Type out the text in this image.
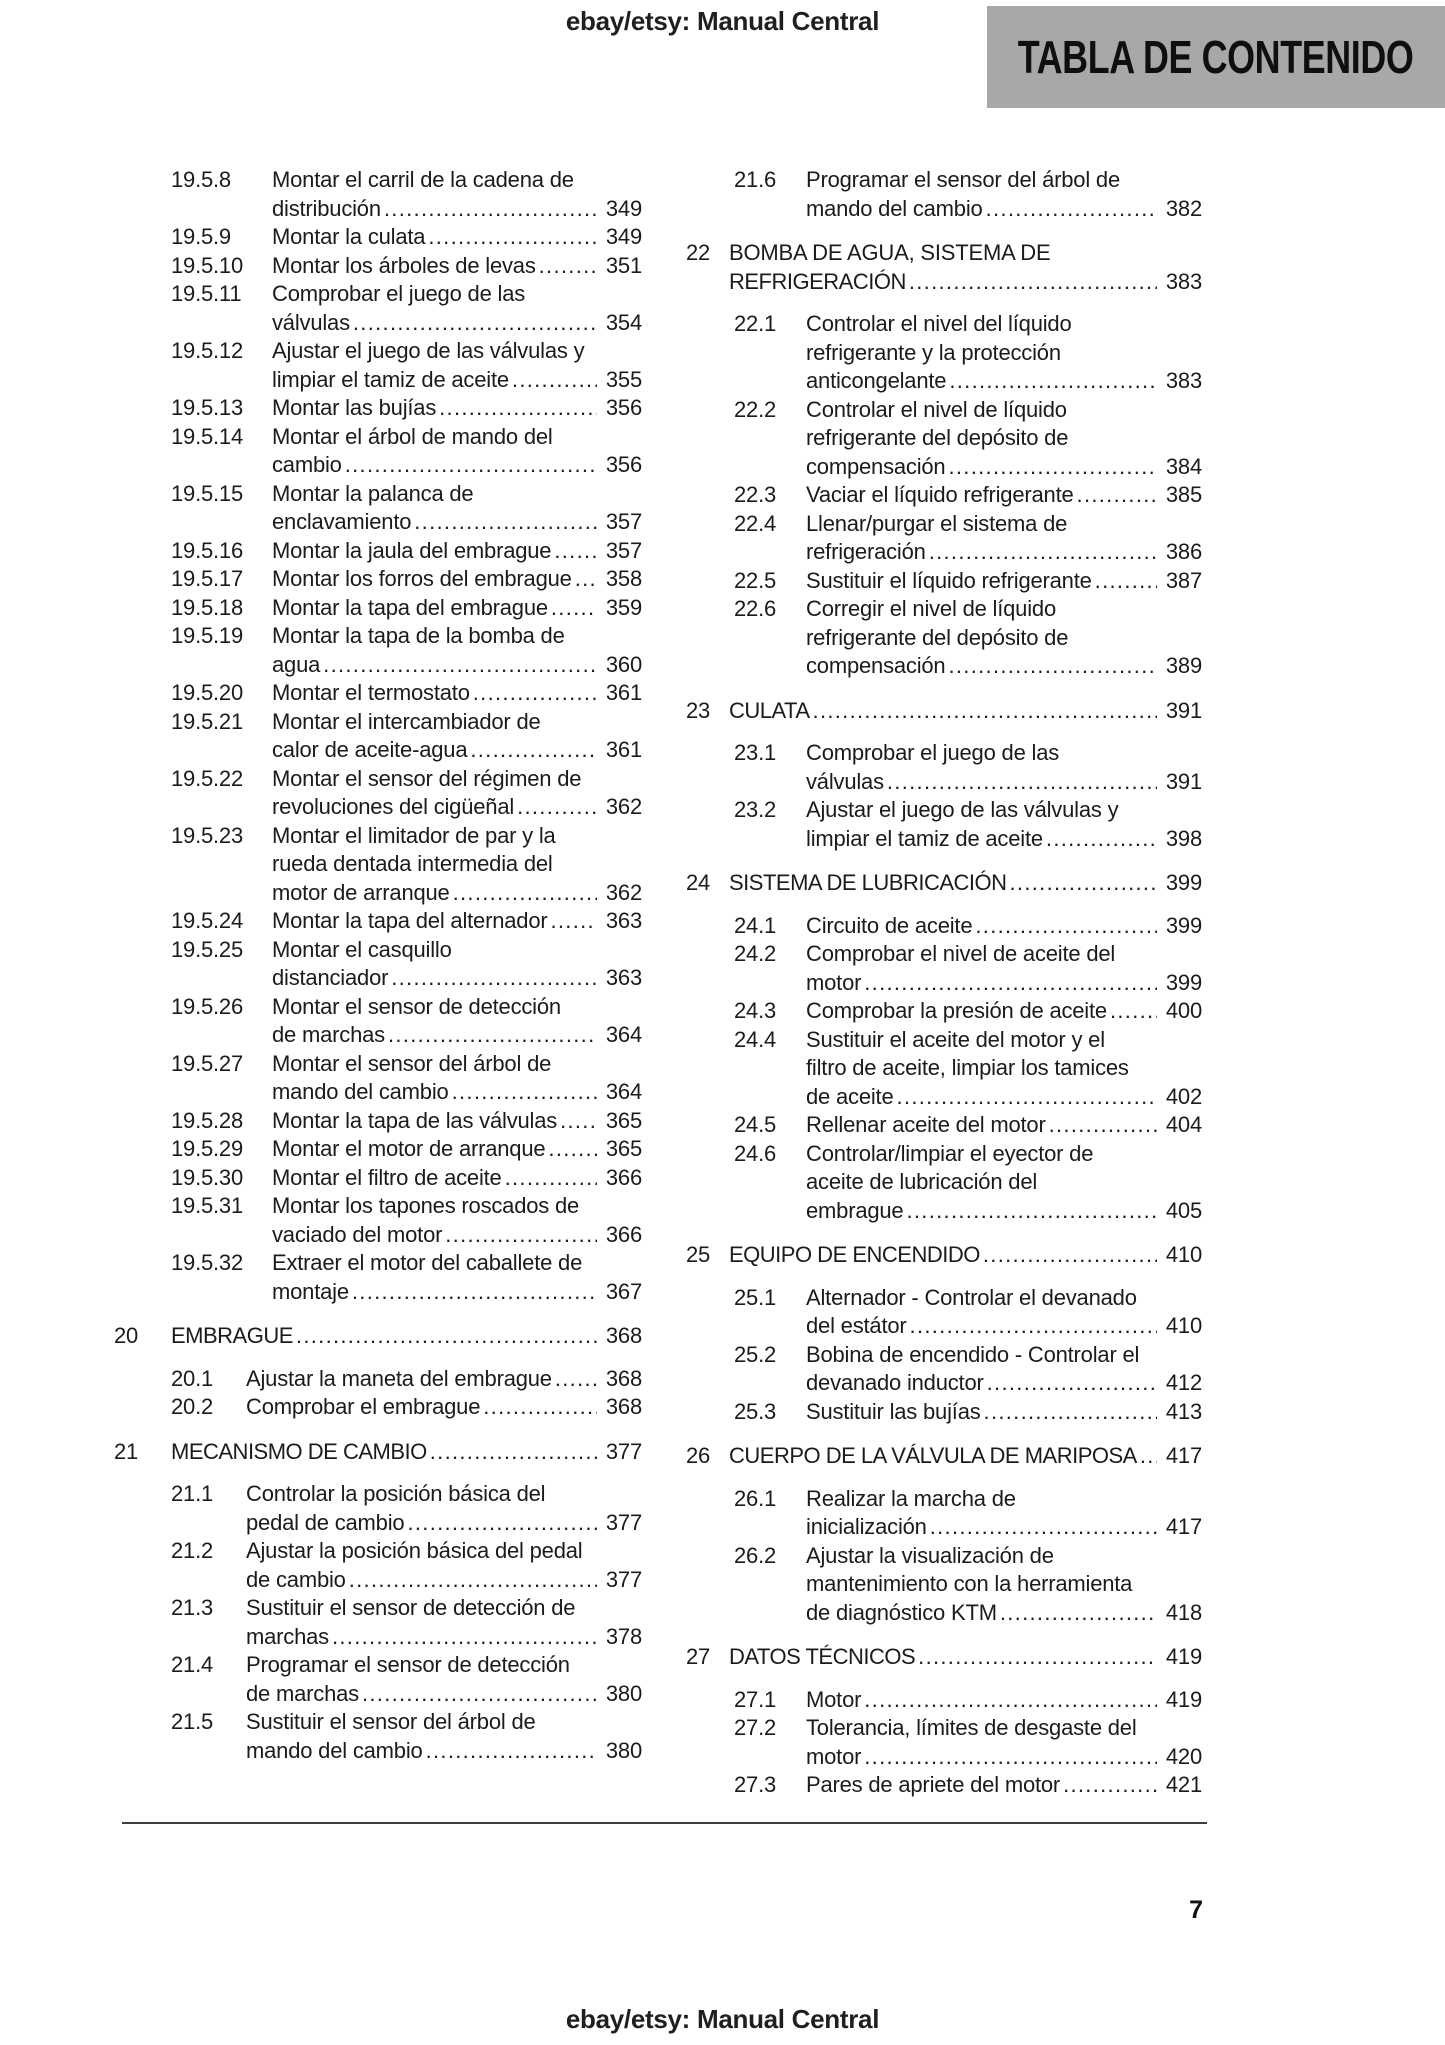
ebay/etsy: Manual Central
TABLA DE CONTENIDO
19.5.8	Montar el carril de la cadena de
distribución .....	349
19.5.9	Montar la culata .....	349
19.5.10	Montar los árboles de levas .....	351
19.5.11	Comprobar el juego de las
válvulas .....	354
19.5.12	Ajustar el juego de las válvulas y
limpiar el tamiz de aceite .....	355
19.5.13	Montar las bujías .....	356
19.5.14	Montar el árbol de mando del
cambio .....	356
19.5.15	Montar la palanca de
enclavamiento .....	357
19.5.16	Montar la jaula del embrague .....	357
19.5.17	Montar los forros del embrague .....	358
19.5.18	Montar la tapa del embrague .....	359
19.5.19	Montar la tapa de la bomba de
agua .....	360
19.5.20	Montar el termostato .....	361
19.5.21	Montar el intercambiador de
calor de aceite-agua .....	361
19.5.22	Montar el sensor del régimen de
revoluciones del cigüeñal .....	362
19.5.23	Montar el limitador de par y la
rueda dentada intermedia del
motor de arranque .....	362
19.5.24	Montar la tapa del alternador .....	363
19.5.25	Montar el casquillo
distanciador .....	363
19.5.26	Montar el sensor de detección
de marchas .....	364
19.5.27	Montar el sensor del árbol de
mando del cambio .....	364
19.5.28	Montar la tapa de las válvulas .....	365
19.5.29	Montar el motor de arranque .....	365
19.5.30	Montar el filtro de aceite .....	366
19.5.31	Montar los tapones roscados de
vaciado del motor .....	366
19.5.32	Extraer el motor del caballete de
montaje .....	367
20	EMBRAGUE .....	368
20.1	Ajustar la maneta del embrague .....	368
20.2	Comprobar el embrague .....	368
21	MECANISMO DE CAMBIO .....	377
21.1	Controlar la posición básica del
pedal de cambio .....	377
21.2	Ajustar la posición básica del pedal
de cambio .....	377
21.3	Sustituir el sensor de detección de
marchas .....	378
21.4	Programar el sensor de detección
de marchas .....	380
21.5	Sustituir el sensor del árbol de
mando del cambio .....	380
21.6	Programar el sensor del árbol de
mando del cambio .....	382
22 BOMBA DE AGUA, SISTEMA DE
REFRIGERACIÓN .....	383
22.1	Controlar el nivel del líquido
refrigerante y la protección
anticongelante .....	383
22.2	Controlar el nivel de líquido
refrigerante del depósito de
compensación .....	384
22.3	Vaciar el líquido refrigerante .....	385
22.4	Llenar/purgar el sistema de
refrigeración .....	386
22.5	Sustituir el líquido refrigerante .....	387
22.6	Corregir el nivel de líquido
refrigerante del depósito de
compensación .....	389
23 CULATA .....	391
23.1	Comprobar el juego de las
válvulas .....	391
23.2	Ajustar el juego de las válvulas y
limpiar el tamiz de aceite .....	398
24 SISTEMA DE LUBRICACIÓN .....	399
24.1	Circuito de aceite .....	399
24.2	Comprobar el nivel de aceite del
motor .....	399
24.3	Comprobar la presión de aceite .....	400
24.4	Sustituir el aceite del motor y el
filtro de aceite, limpiar los tamices
de aceite .....	402
24.5	Rellenar aceite del motor .....	404
24.6	Controlar/limpiar el eyector de
aceite de lubricación del
embrague .....	405
25 EQUIPO DE ENCENDIDO .....	410
25.1	Alternador - Controlar el devanado
del estátor .....	410
25.2	Bobina de encendido - Controlar el
devanado inductor .....	412
25.3	Sustituir las bujías .....	413
26 CUERPO DE LA VÁLVULA DE MARIPOSA .....	417
26.1	Realizar la marcha de
inicialización .....	417
26.2	Ajustar la visualización de
mantenimiento con la herramienta
de diagnóstico KTM .....	418
27 DATOS TÉCNICOS .....	419
27.1	Motor .....	419
27.2	Tolerancia, límites de desgaste del
motor .....	420
27.3	Pares de apriete del motor .....	421
7
ebay/etsy: Manual Central
